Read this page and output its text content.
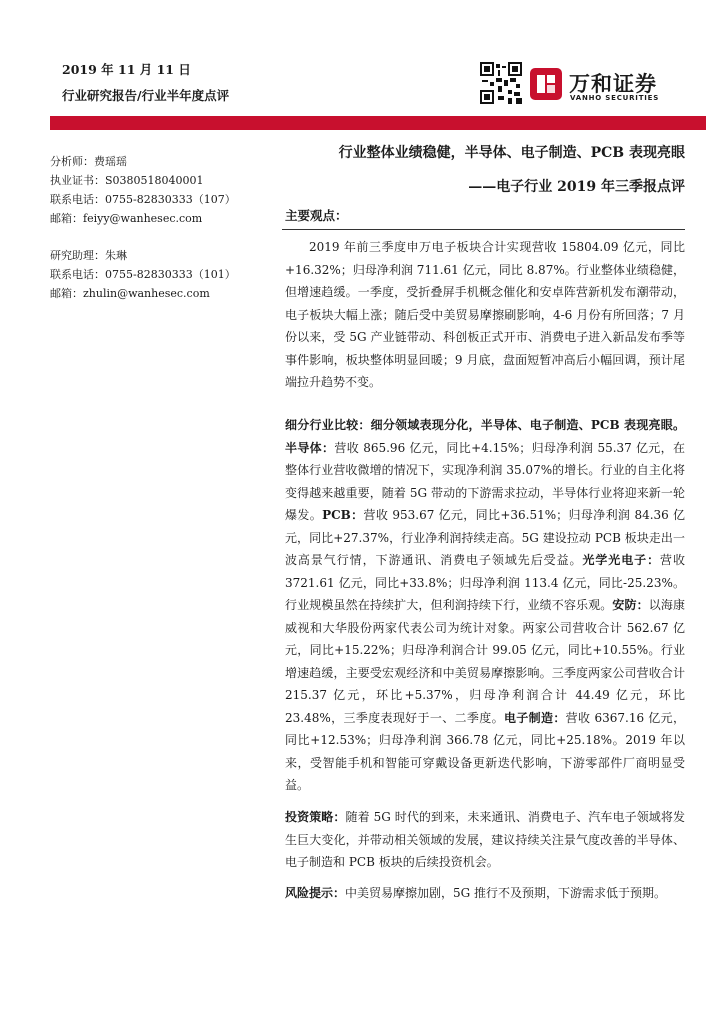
2019 年 11 月 11 日
行业研究报告/行业半年度点评	万和证券
VANHO SECURITIES
分析师：费瑶瑶
执业证书：S0380518040001
联系电话：0755-82830333（107）
邮箱：feiyy@wanhesec.com
研究助理：朱琳
联系电话：0755-82830333（101）
邮箱：zhulin@wanhesec.com
行业整体业绩稳健，半导体、电子制造、PCB 表现亮眼
——电子行业 2019 年三季报点评
主要观点：
2019 年前三季度申万电子板块合计实现营收 15804.09 亿元，同比+16.32%；归母净利润 711.61 亿元，同比 8.87%。行业整体业绩稳健，但增速趋缓。一季度，受折叠屏手机概念催化和安卓阵营新机发布潮带动，电子板块大幅上涨；随后受中美贸易摩擦刷影响，4-6 月份有所回落；7 月份以来，受 5G 产业链带动、科创板正式开市、消费电子进入新品发布季等事件影响，板块整体明显回暖；9 月底，盘面短暂冲高后小幅回调，预计尾端拉升趋势不变。
细分行业比较：细分领域表现分化，半导体、电子制造、PCB 表现亮眼。半导体：营收 865.96 亿元，同比+4.15%；归母净利润 55.37 亿元，在整体行业营收微增的情况下，实现净利润 35.07%的增长。行业的自主化将变得越来越重要，随着 5G 带动的下游需求拉动，半导体行业将迎来新一轮爆发。PCB：营收 953.67 亿元，同比+36.51%；归母净利润 84.36 亿元，同比+27.37%，行业净利润持续走高。5G 建设拉动 PCB 板块走出一波高景气行情，下游通讯、消费电子领域先后受益。光学光电子：营收 3721.61 亿元，同比+33.8%；归母净利润 113.4 亿元，同比-25.23%。行业规模虽然在持续扩大，但利润持续下行，业绩不容乐观。安防：以海康威视和大华股份两家代表公司为统计对象。两家公司营收合计 562.67 亿元，同比+15.22%；归母净利润合计 99.05 亿元，同比+10.55%。行业增速趋缓，主要受宏观经济和中美贸易摩擦影响。三季度两家公司营收合计 215.37 亿元，环比+5.37%，归母净利润合计 44.49 亿元，环比 23.48%，三季度表现好于一、二季度。电子制造：营收 6367.16 亿元，同比+12.53%；归母净利润 366.78 亿元，同比+25.18%。2019 年以来，受智能手机和智能可穿戴设备更新迭代影响，下游零部件厂商明显受益。
投资策略：随着 5G 时代的到来，未来通讯、消费电子、汽车电子领域将发生巨大变化，并带动相关领域的发展，建议持续关注景气度改善的半导体、电子制造和 PCB 板块的后续投资机会。
风险提示：中美贸易摩擦加剧，5G 推行不及预期，下游需求低于预期。
